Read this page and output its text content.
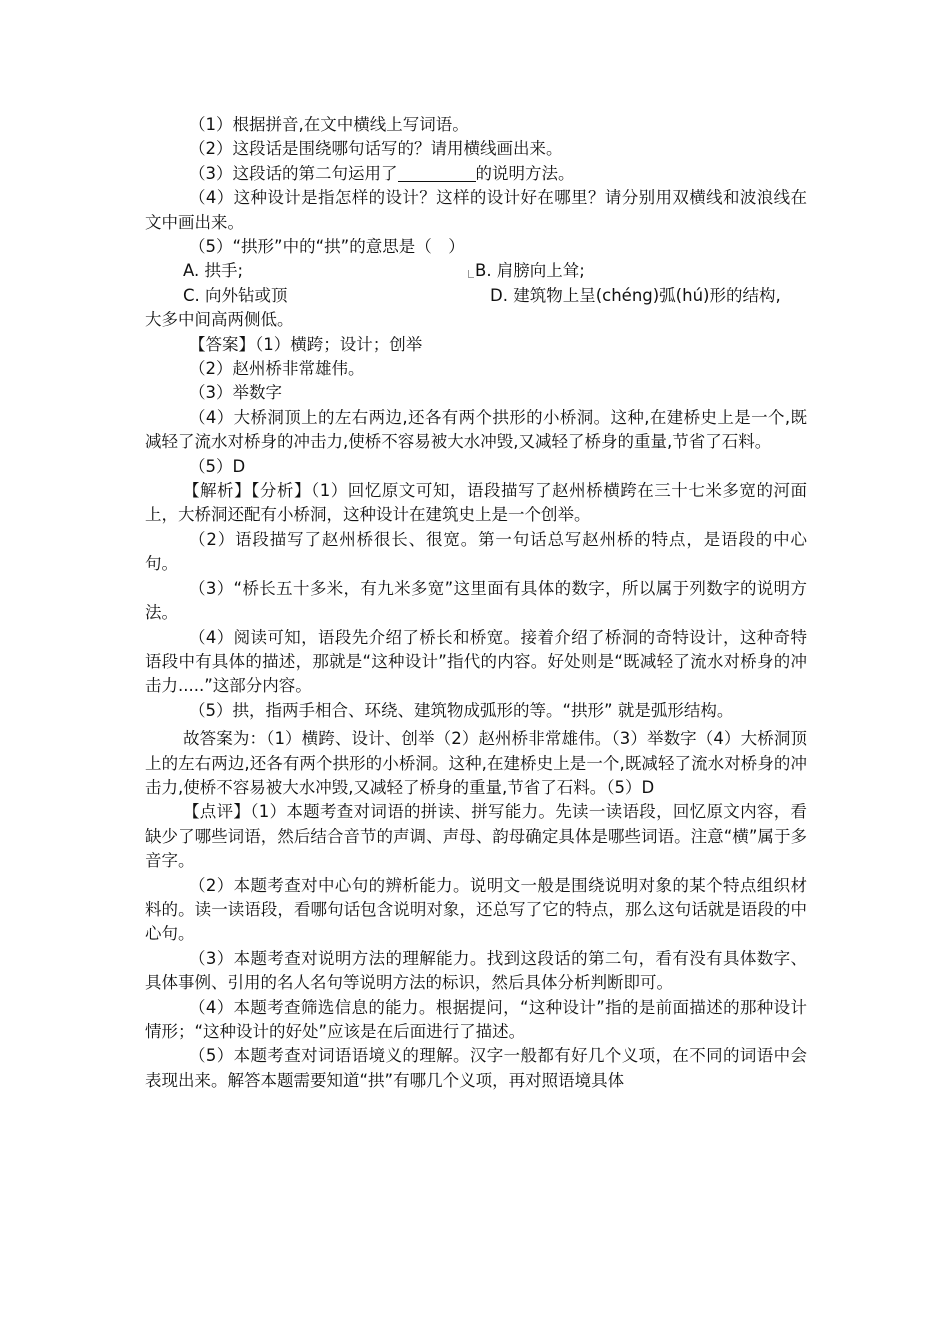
（1）根据拼音,在文中横线上写词语。

（2）这段话是围绕哪句话写的？请用横线画出来。

（3）这段话的第二句运用了	的说明方法。

（4）这种设计是指怎样的设计？这样的设计好在哪里？请分别用双横线和波浪线在文中画出来。

（5）“拱形”中的“拱”的意思是（　）

A. 拱手;	B. 肩膀向上耸;
C. 向外钻或顶	D. 建筑物上呈(chéng)弧(hú)形的结构,

大多中间高两侧低。

【答案】（1）横跨；设计；创举

（2）赵州桥非常雄伟。

（3）举数字

（4）大桥洞顶上的左右两边,还各有两个拱形的小桥洞。这种,在建桥史上是一个,既减轻了流水对桥身的冲击力,使桥不容易被大水冲毁,又减轻了桥身的重量,节省了石料。

（5）D

【解析】【分析】（1）回忆原文可知，语段描写了赵州桥横跨在三十七米多宽的河面上，大桥洞还配有小桥洞，这种设计在建筑史上是一个创举。

（2）语段描写了赵州桥很长、很宽。第一句话总写赵州桥的特点，是语段的中心句。

（3）“桥长五十多米，有九米多宽”这里面有具体的数字，所以属于列数字的说明方法。

（4）阅读可知，语段先介绍了桥长和桥宽。接着介绍了桥洞的奇特设计，这种奇特语段中有具体的描述，那就是“这种设计”指代的内容。好处则是“既减轻了流水对桥身的冲击力.....”这部分内容。

（5）拱，指两手相合、环绕、建筑物成弧形的等。“拱形” 就是弧形结构。

故答案为：（1）横跨、设计、创举（2）赵州桥非常雄伟。（3）举数字（4）大桥洞顶上的左右两边,还各有两个拱形的小桥洞。这种,在建桥史上是一个,既减轻了流水对桥身的冲击力,使桥不容易被大水冲毁,又减轻了桥身的重量,节省了石料。（5）D

【点评】（1）本题考查对词语的拼读、拼写能力。先读一读语段，回忆原文内容，看缺少了哪些词语，然后结合音节的声调、声母、韵母确定具体是哪些词语。注意“横”属于多音字。

（2）本题考查对中心句的辨析能力。说明文一般是围绕说明对象的某个特点组织材料的。读一读语段，看哪句话包含说明对象，还总写了它的特点，那么这句话就是语段的中心句。

（3）本题考查对说明方法的理解能力。找到这段话的第二句，看有没有具体数字、具体事例、引用的名人名句等说明方法的标识，然后具体分析判断即可。

（4）本题考查筛选信息的能力。根据提问，“这种设计”指的是前面描述的那种设计情形；“这种设计的好处”应该是在后面进行了描述。

（5）本题考查对词语语境义的理解。汉字一般都有好几个义项，在不同的词语中会表现出来。解答本题需要知道“拱”有哪几个义项，再对照语境具体
